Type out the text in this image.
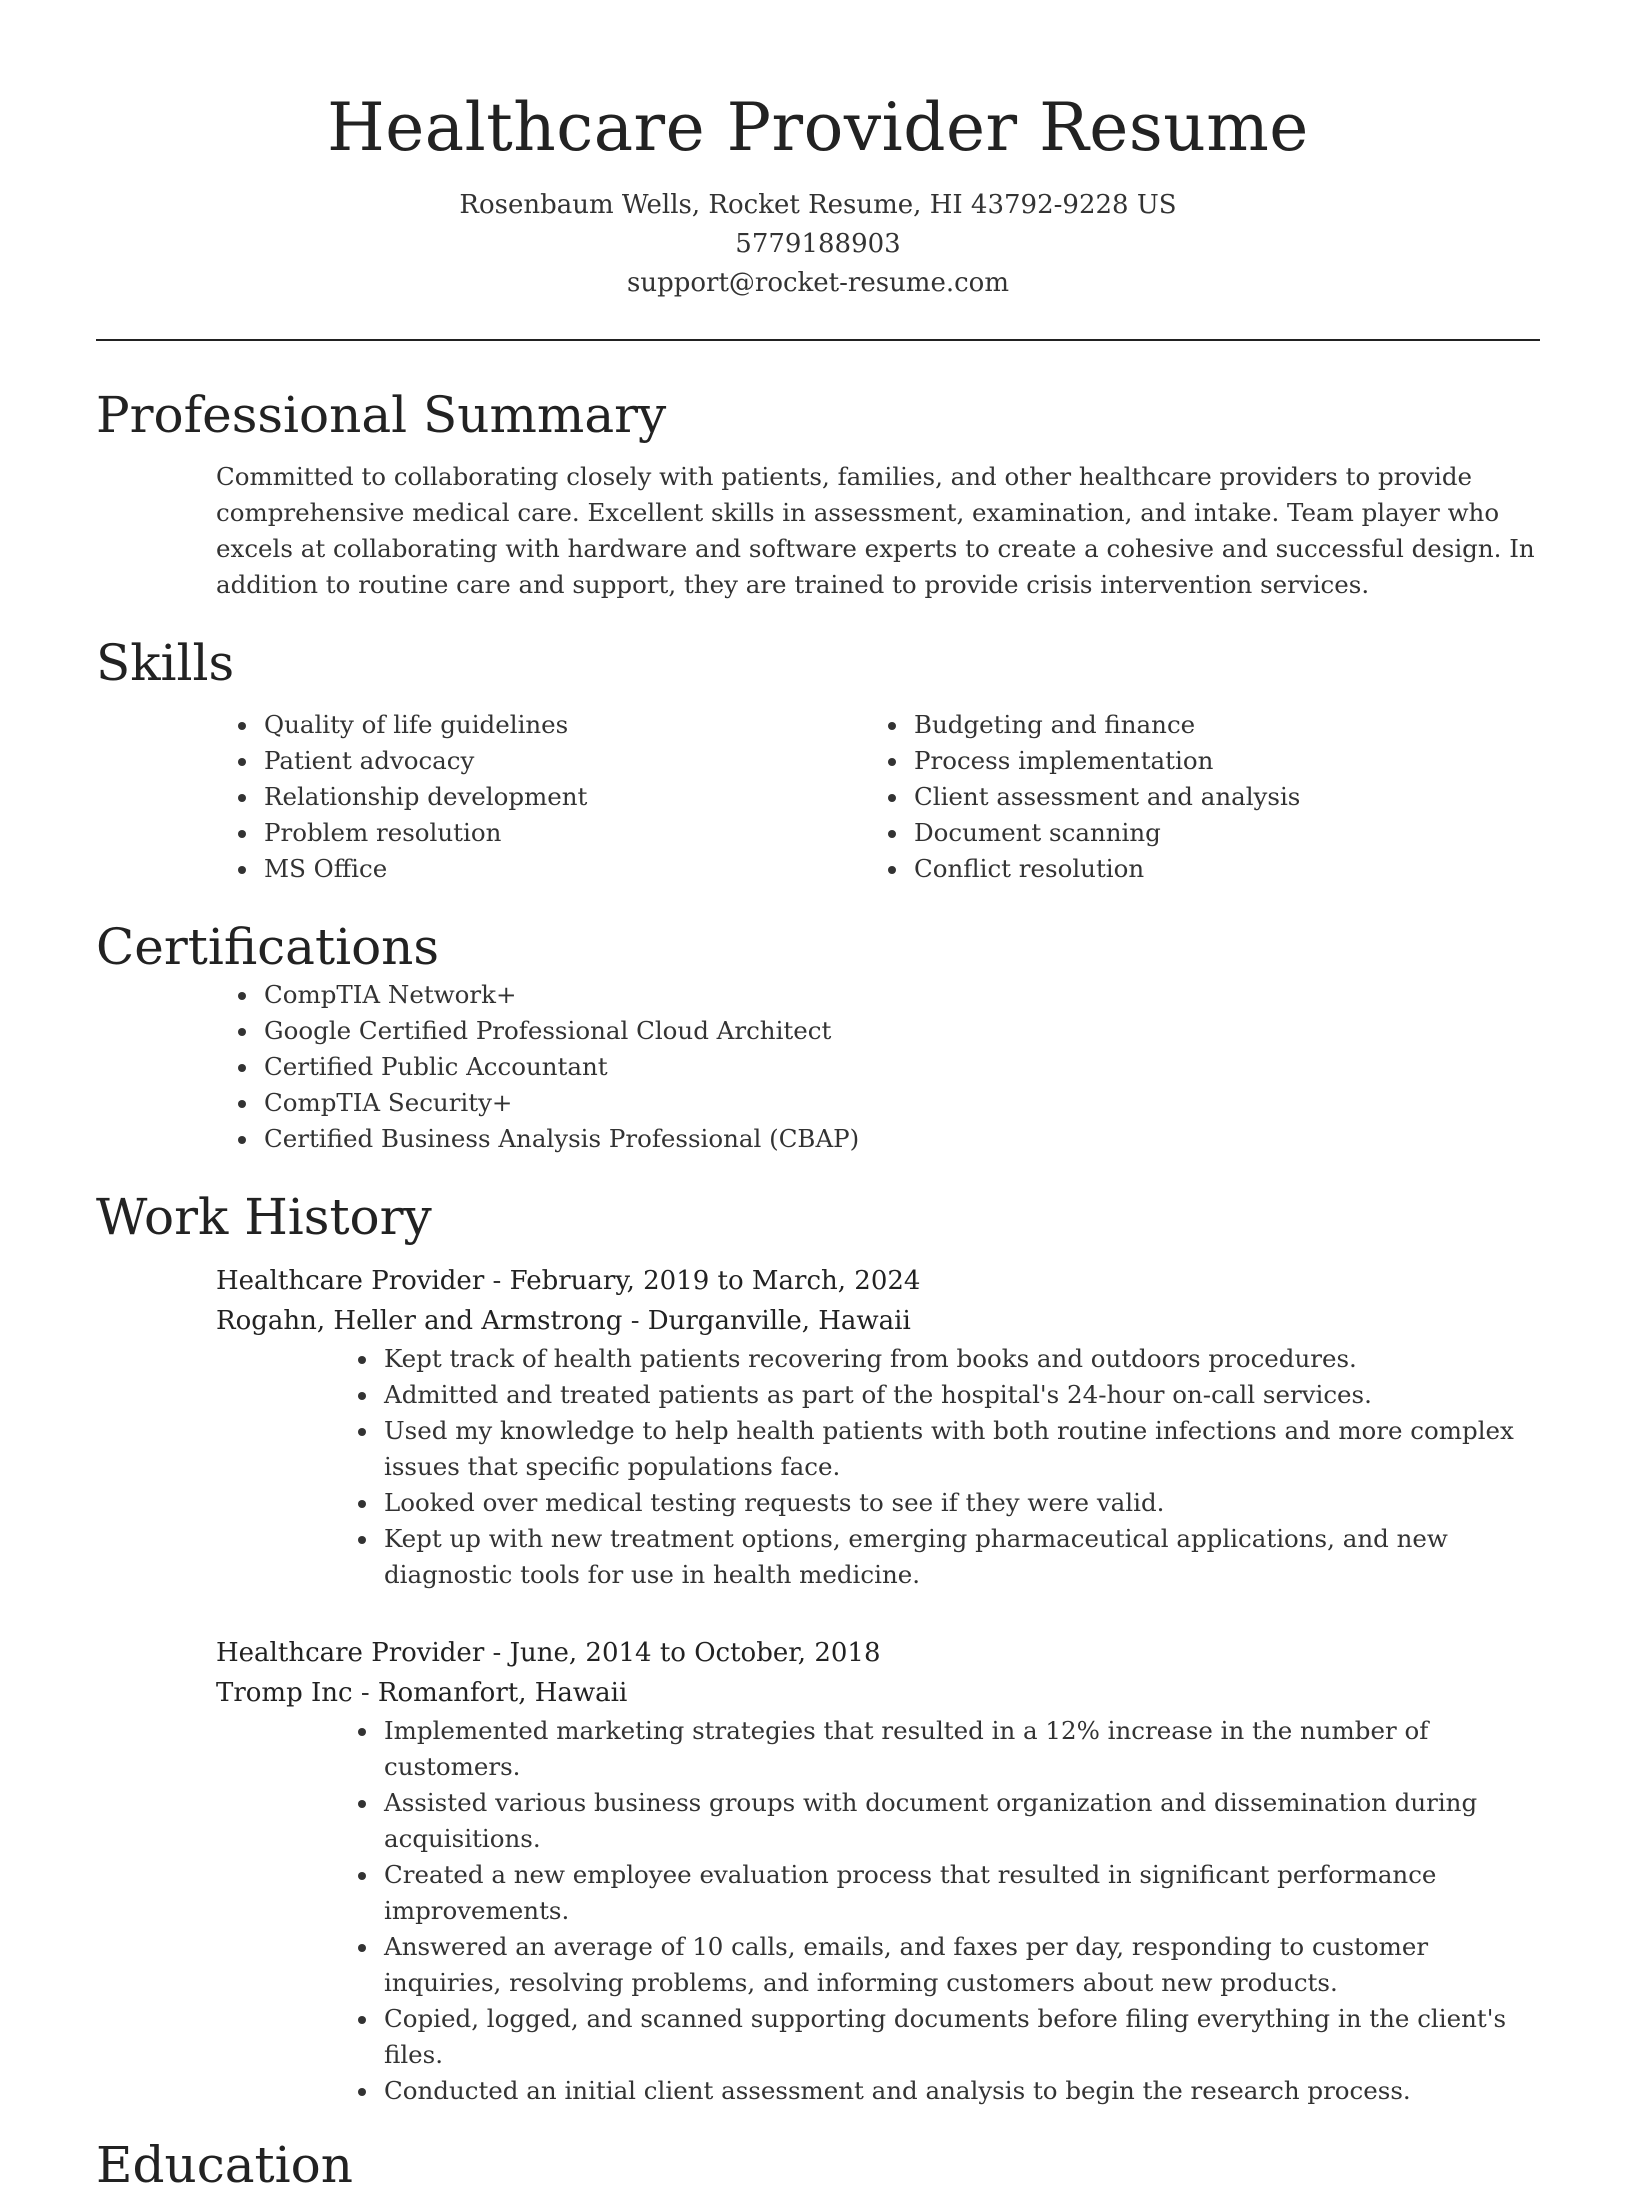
Healthcare Provider Resume
Rosenbaum Wells, Rocket Resume, HI 43792-9228 US
5779188903
support@rocket-resume.com
Professional Summary

Committed to collaborating closely with patients, families, and other healthcare providers to provide comprehensive medical care. Excellent skills in assessment, examination, and intake. Team player who excels at collaborating with hardware and software experts to create a cohesive and successful design. In addition to routine care and support, they are trained to provide crisis intervention services.

Skills
• Quality of life guidelines
• Patient advocacy
• Relationship development
• Problem resolution
• MS Office
• Budgeting and finance
• Process implementation
• Client assessment and analysis
• Document scanning
• Conflict resolution
Certifications
• CompTIA Network+
• Google Certified Professional Cloud Architect
• Certified Public Accountant
• CompTIA Security+
• Certified Business Analysis Professional (CBAP)
Work History
Healthcare Provider - February, 2019 to March, 2024
Rogahn, Heller and Armstrong - Durganville, Hawaii
• Kept track of health patients recovering from books and outdoors procedures.
• Admitted and treated patients as part of the hospital's 24-hour on-call services.
• Used my knowledge to help health patients with both routine infections and more complex issues that specific populations face.
• Looked over medical testing requests to see if they were valid.
• Kept up with new treatment options, emerging pharmaceutical applications, and new diagnostic tools for use in health medicine.
Healthcare Provider - June, 2014 to October, 2018
Tromp Inc - Romanfort, Hawaii
• Implemented marketing strategies that resulted in a 12% increase in the number of customers.
• Assisted various business groups with document organization and dissemination during acquisitions.
• Created a new employee evaluation process that resulted in significant performance improvements.
• Answered an average of 10 calls, emails, and faxes per day, responding to customer inquiries, resolving problems, and informing customers about new products.
• Copied, logged, and scanned supporting documents before filing everything in the client's files.
• Conducted an initial client assessment and analysis to begin the research process.
Education
